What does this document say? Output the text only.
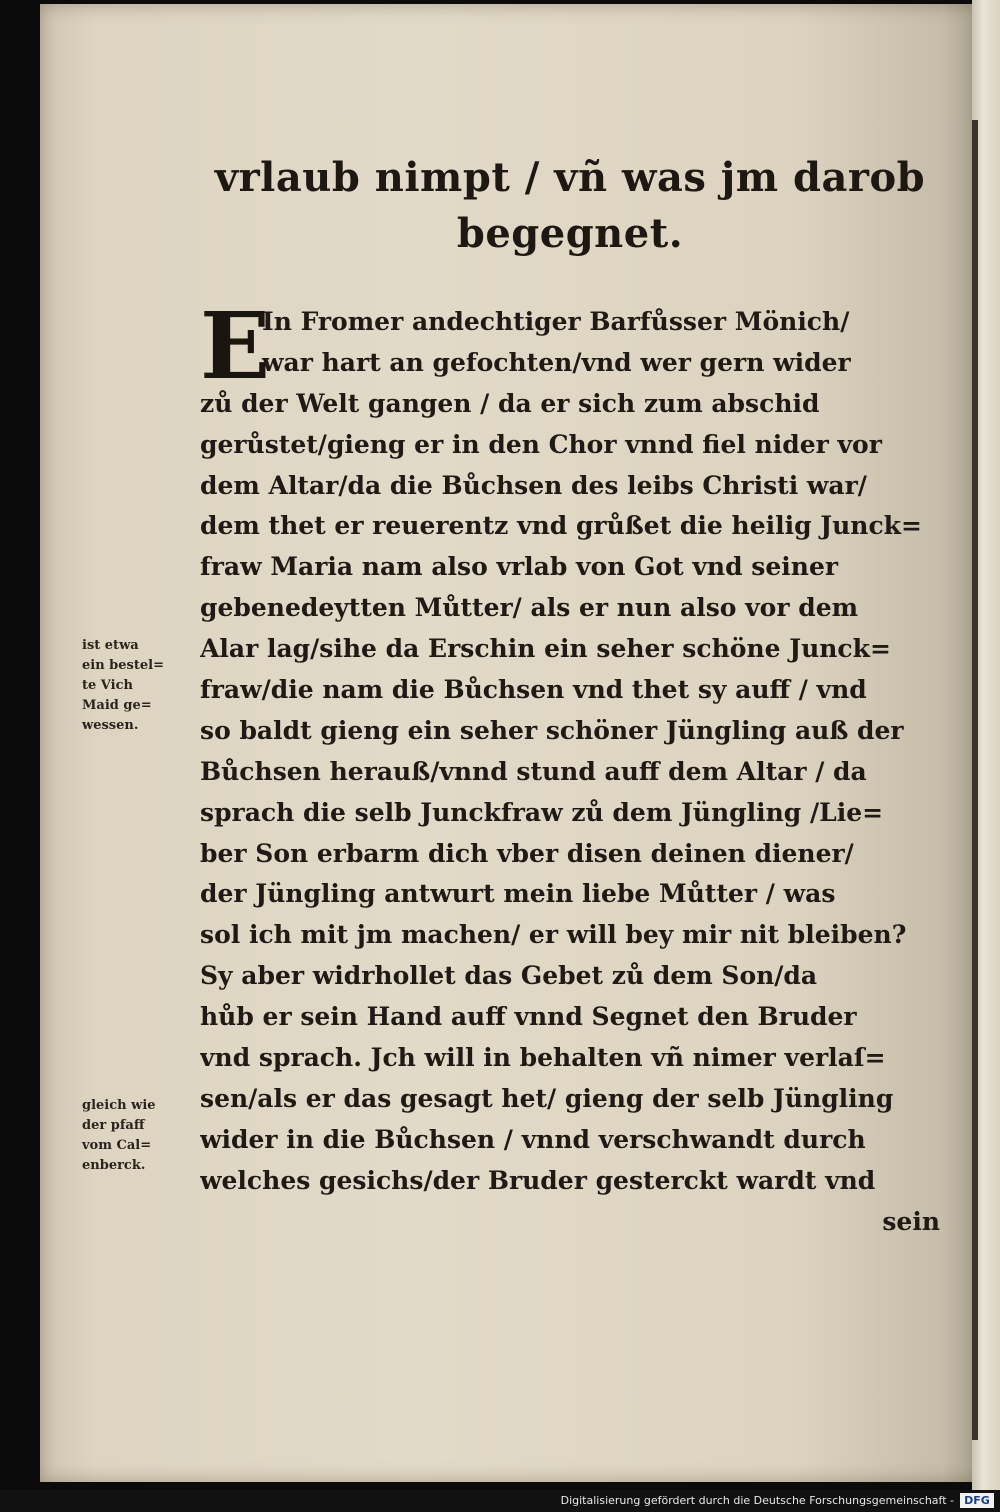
vrlaub nimpt / vñ was jm darob
begegnet.
E
In Fromer andechtiger Barfůsser Mönich/
war hart an gefochten/vnd wer gern wider
zů der Welt gangen / da er sich zum abschid
gerůstet/gieng er in den Chor vnnd fiel nider vor
dem Altar/da die Bůchsen des leibs Christi war/
dem thet er reuerentz vnd grůßet die heilig Junck=
fraw Maria nam also vrlab von Got vnd seiner
gebenedeytten Můtter/ als er nun also vor dem
Alar lag/sihe da Erschin ein seher schöne Junck=
fraw/die nam die Bůchsen vnd thet sy auff / vnd
so baldt gieng ein seher schöner Jüngling auß der
Bůchsen herauß/vnnd stund auff dem Altar / da
sprach die selb Junckfraw zů dem Jüngling /Lie=
ber Son erbarm dich vber disen deinen diener/
der Jüngling antwurt mein liebe Můtter / was
sol ich mit jm machen/ er will bey mir nit bleiben?
Sy aber widrhollet das Gebet zů dem Son/da
hůb er sein Hand auff vnnd Segnet den Bruder
vnd sprach. Jch will in behalten vñ nimer verlaſ=
sen/als er das gesagt het/ gieng der selb Jüngling
wider in die Bůchsen / vnnd verschwandt durch
welches gesichs/der Bruder gesterckt wardt vnd
sein
ist etwa
ein bestel=
te Vich
Maid ge=
wessen.
gleich wie
der pfaff
vom Cal=
enberck.
Digitalisierung gefördert durch die Deutsche Forschungsgemeinschaft - DFG
